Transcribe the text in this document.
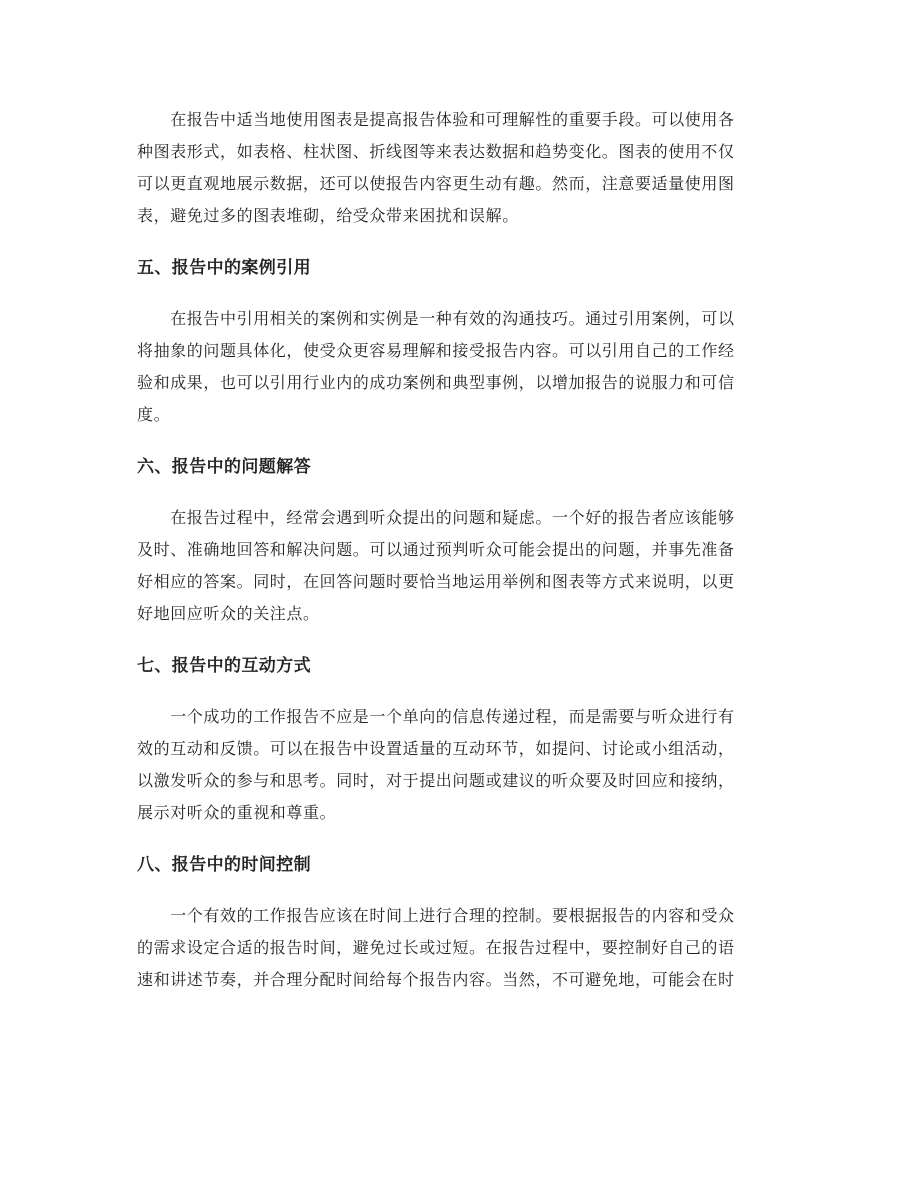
　　在报告中适当地使用图表是提高报告体验和可理解性的重要手段。可以使用各
种图表形式，如表格、柱状图、折线图等来表达数据和趋势变化。图表的使用不仅
可以更直观地展示数据，还可以使报告内容更生动有趣。然而，注意要适量使用图
表，避免过多的图表堆砌，给受众带来困扰和误解。

五、报告中的案例引用

　　在报告中引用相关的案例和实例是一种有效的沟通技巧。通过引用案例，可以
将抽象的问题具体化，使受众更容易理解和接受报告内容。可以引用自己的工作经
验和成果，也可以引用行业内的成功案例和典型事例，以增加报告的说服力和可信
度。

六、报告中的问题解答

　　在报告过程中，经常会遇到听众提出的问题和疑虑。一个好的报告者应该能够
及时、准确地回答和解决问题。可以通过预判听众可能会提出的问题，并事先准备
好相应的答案。同时，在回答问题时要恰当地运用举例和图表等方式来说明，以更
好地回应听众的关注点。

七、报告中的互动方式

　　一个成功的工作报告不应是一个单向的信息传递过程，而是需要与听众进行有
效的互动和反馈。可以在报告中设置适量的互动环节，如提问、讨论或小组活动，
以激发听众的参与和思考。同时，对于提出问题或建议的听众要及时回应和接纳，
展示对听众的重视和尊重。

八、报告中的时间控制

　　一个有效的工作报告应该在时间上进行合理的控制。要根据报告的内容和受众
的需求设定合适的报告时间，避免过长或过短。在报告过程中，要控制好自己的语
速和讲述节奏，并合理分配时间给每个报告内容。当然，不可避免地，可能会在时
